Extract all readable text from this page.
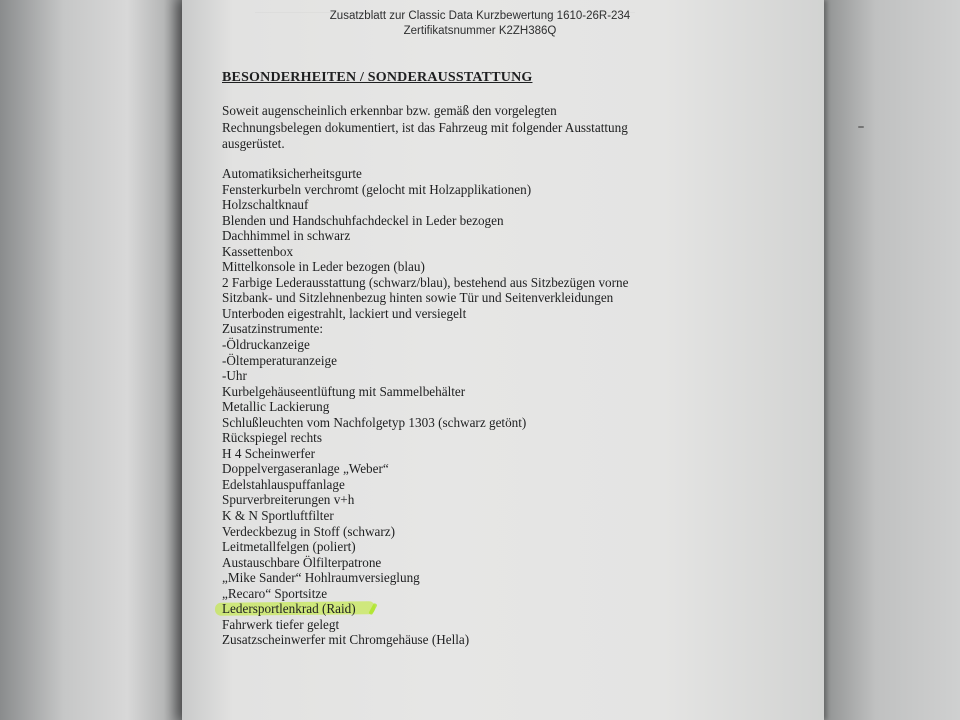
Zusatzblatt zur Classic Data Kurzbewertung 1610-26R-234
Zertifikatsnummer K2ZH386Q
BESONDERHEITEN / SONDERAUSSTATTUNG
Soweit augenscheinlich erkennbar bzw. gemäß den vorgelegten
Rechnungsbelegen dokumentiert, ist das Fahrzeug mit folgender Ausstattung
ausgerüstet.
Automatiksicherheitsgurte
Fensterkurbeln verchromt (gelocht mit Holzapplikationen)
Holzschaltknauf
Blenden und Handschuhfachdeckel in Leder bezogen
Dachhimmel in schwarz
Kassettenbox
Mittelkonsole in Leder bezogen (blau)
2 Farbige Lederausstattung (schwarz/blau), bestehend aus Sitzbezügen vorne
Sitzbank- und Sitzlehnenbezug hinten sowie Tür und Seitenverkleidungen
Unterboden eigestrahlt, lackiert und versiegelt
Zusatzinstrumente:
-Öldruckanzeige
-Öltemperaturanzeige
-Uhr
Kurbelgehäuseentlüftung mit Sammelbehälter
Metallic Lackierung
Schlußleuchten vom Nachfolgetyp 1303 (schwarz getönt)
Rückspiegel rechts
H 4 Scheinwerfer
Doppelvergaseranlage „Weber“
Edelstahlauspuffanlage
Spurverbreiterungen v+h
K & N Sportluftfilter
Verdeckbezug in Stoff (schwarz)
Leitmetallfelgen (poliert)
Austauschbare Ölfilterpatrone
„Mike Sander“ Hohlraumversieglung
„Recaro“ Sportsitze
Ledersportlenkrad (Raid)
Fahrwerk tiefer gelegt
Zusatzscheinwerfer mit Chromgehäuse (Hella)
